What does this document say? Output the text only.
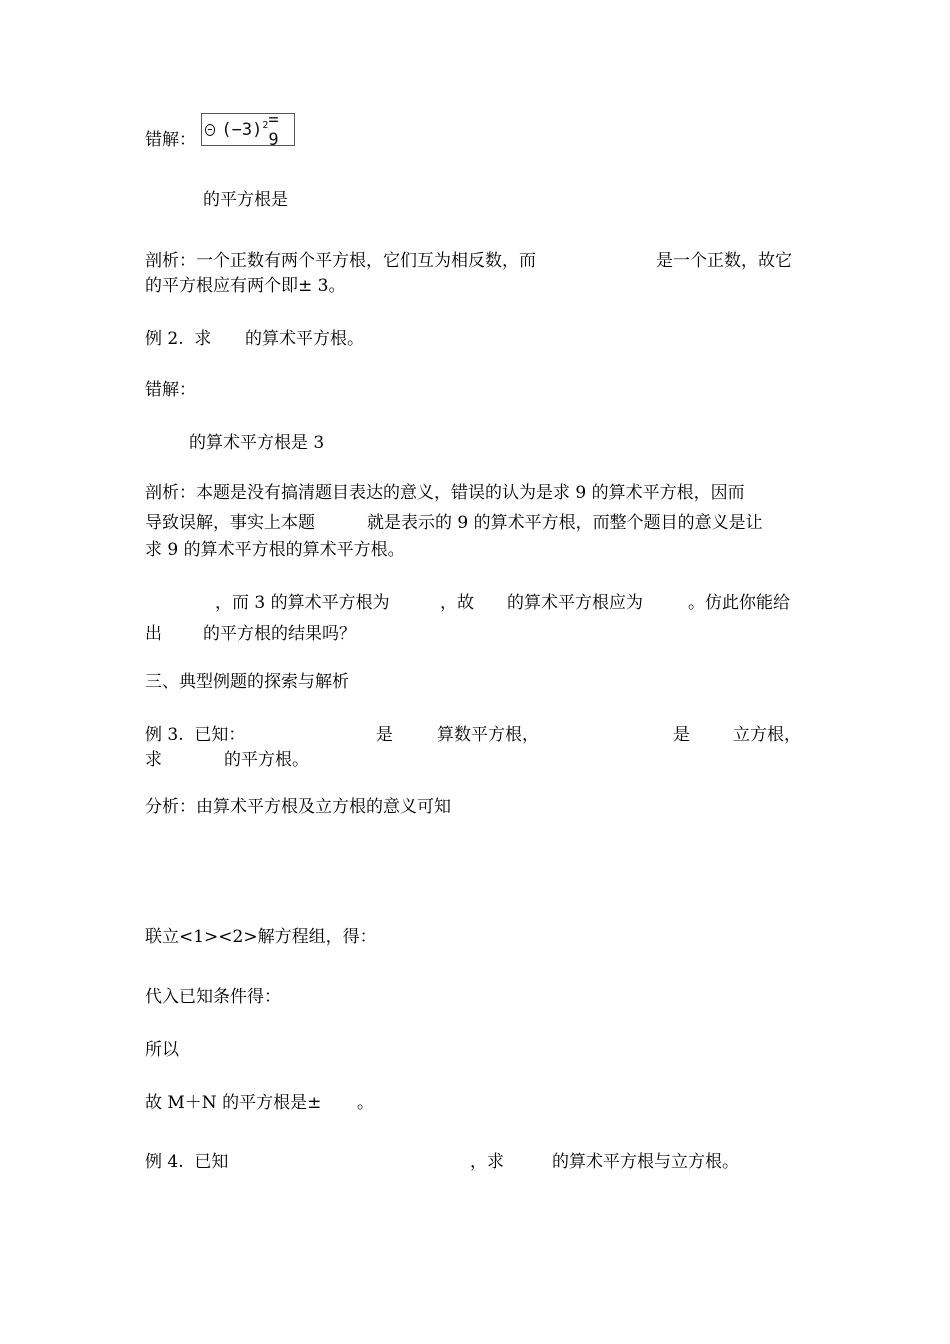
错解：
$(-3)^2 = 9$
的平方根是
剖析：一个正数有两个平方根，它们互为相反数，而	是一个正数，故它
的平方根应有两个即± 3。
例 2.  求 的算术平方根。
错解：
的算术平方根是 3
剖析：本题是没有搞清题目表达的意义，错误的认为是求 9 的算术平方根，因而
导致误解，事实上本题	就是表示的 9 的算术平方根，而整个题目的意义是让
求 9 的算术平方根的算术平方根。
，而 3 的算术平方根为	，故 的算术平方根应为	。仿此你能给
出 的平方根的结果吗？
三、典型例题的探索与解析
例 3.  已知：	是	算数平方根，	是	立方根，
求	的平方根。
分析：由算术平方根及立方根的意义可知
联立<1><2>解方程组，得：
代入已知条件得：
所以
故 M＋N 的平方根是± 。
例 4.  已知	，求	的算术平方根与立方根。
